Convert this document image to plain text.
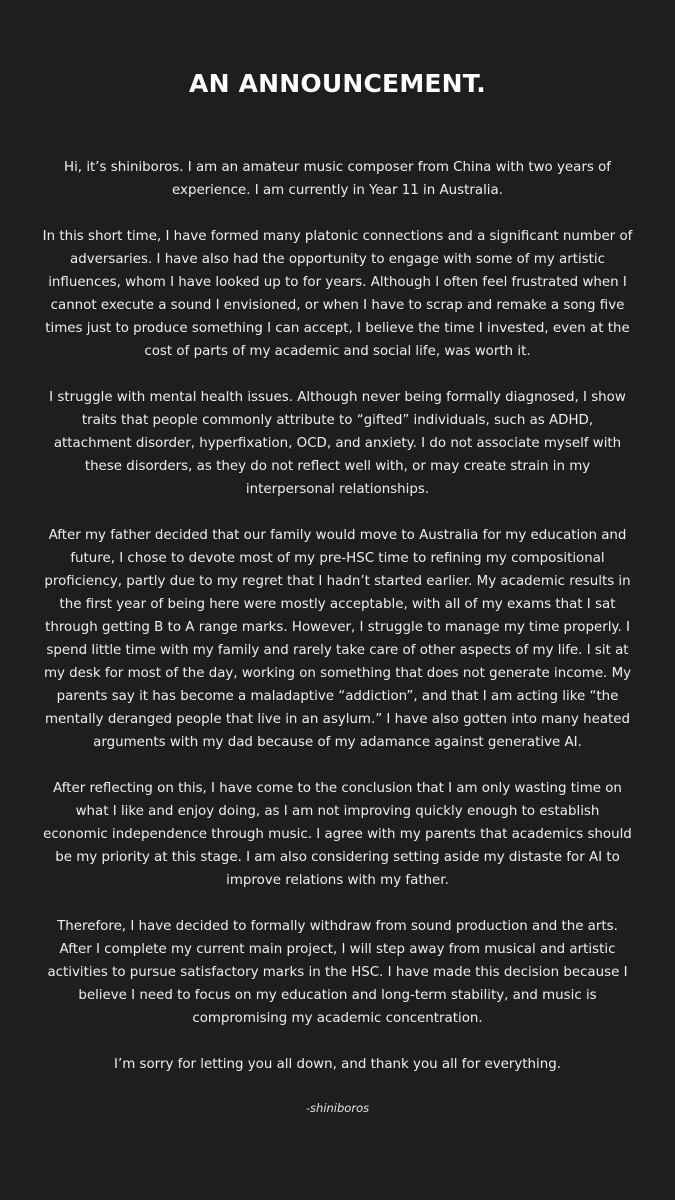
AN ANNOUNCEMENT.

Hi, it’s shiniboros. I am an amateur music composer from China with two years of experience. I am currently in Year 11 in Australia.

In this short time, I have formed many platonic connections and a significant number of adversaries. I have also had the opportunity to engage with some of my artistic influences, whom I have looked up to for years. Although I often feel frustrated when I cannot execute a sound I envisioned, or when I have to scrap and remake a song five times just to produce something I can accept, I believe the time I invested, even at the cost of parts of my academic and social life, was worth it.

I struggle with mental health issues. Although never being formally diagnosed, I show traits that people commonly attribute to “gifted” individuals, such as ADHD, attachment disorder, hyperfixation, OCD, and anxiety. I do not associate myself with these disorders, as they do not reflect well with, or may create strain in my interpersonal relationships.

After my father decided that our family would move to Australia for my education and future, I chose to devote most of my pre-HSC time to refining my compositional proficiency, partly due to my regret that I hadn’t started earlier. My academic results in the first year of being here were mostly acceptable, with all of my exams that I sat through getting B to A range marks. However, I struggle to manage my time properly. I spend little time with my family and rarely take care of other aspects of my life. I sit at my desk for most of the day, working on something that does not generate income. My parents say it has become a maladaptive “addiction”, and that I am acting like “the mentally deranged people that live in an asylum.” I have also gotten into many heated arguments with my dad because of my adamance against generative AI.

After reflecting on this, I have come to the conclusion that I am only wasting time on what I like and enjoy doing, as I am not improving quickly enough to establish economic independence through music. I agree with my parents that academics should be my priority at this stage. I am also considering setting aside my distaste for AI to improve relations with my father.

Therefore, I have decided to formally withdraw from sound production and the arts. After I complete my current main project, I will step away from musical and artistic activities to pursue satisfactory marks in the HSC. I have made this decision because I believe I need to focus on my education and long-term stability, and music is compromising my academic concentration.

I’m sorry for letting you all down, and thank you all for everything.

-shiniboros
